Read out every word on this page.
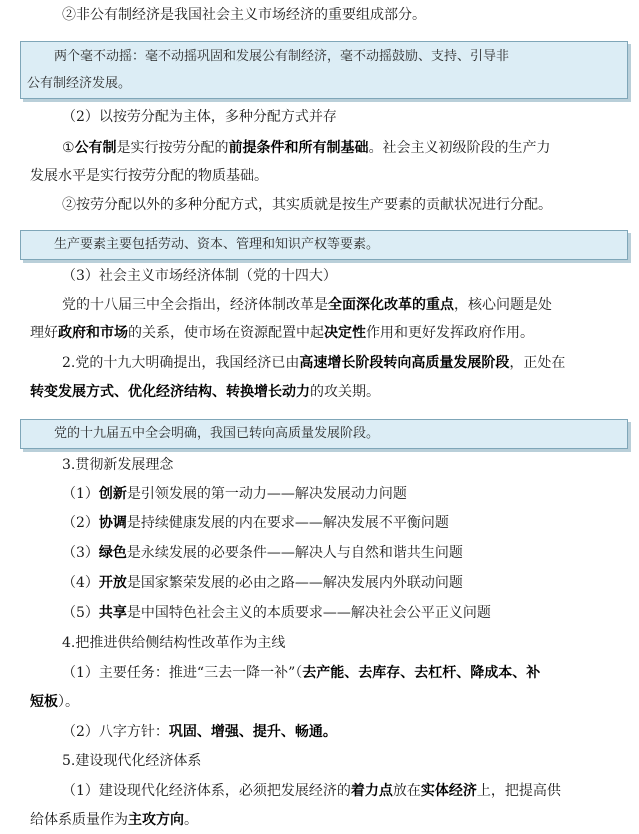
②非公有制经济是我国社会主义市场经济的重要组成部分。
两个毫不动摇：毫不动摇巩固和发展公有制经济，毫不动摇鼓励、支持、引导非
公有制经济发展。
（2）以按劳分配为主体，多种分配方式并存
①公有制是实行按劳分配的前提条件和所有制基础。社会主义初级阶段的生产力
发展水平是实行按劳分配的物质基础。
②按劳分配以外的多种分配方式，其实质就是按生产要素的贡献状况进行分配。
生产要素主要包括劳动、资本、管理和知识产权等要素。
（3）社会主义市场经济体制（党的十四大）
党的十八届三中全会指出，经济体制改革是全面深化改革的重点，核心问题是处
理好政府和市场的关系，使市场在资源配置中起决定性作用和更好发挥政府作用。
2.党的十九大明确提出，我国经济已由高速增长阶段转向高质量发展阶段，正处在
转变发展方式、优化经济结构、转换增长动力的攻关期。
党的十九届五中全会明确，我国已转向高质量发展阶段。
3.贯彻新发展理念
（1）创新是引领发展的第一动力——解决发展动力问题
（2）协调是持续健康发展的内在要求——解决发展不平衡问题
（3）绿色是永续发展的必要条件——解决人与自然和谐共生问题
（4）开放是国家繁荣发展的必由之路——解决发展内外联动问题
（5）共享是中国特色社会主义的本质要求——解决社会公平正义问题
4.把推进供给侧结构性改革作为主线
（1）主要任务：推进“三去一降一补”（去产能、去库存、去杠杆、降成本、补
短板）。
（2）八字方针：巩固、增强、提升、畅通。
5.建设现代化经济体系
（1）建设现代化经济体系，必须把发展经济的着力点放在实体经济上，把提高供
给体系质量作为主攻方向。
